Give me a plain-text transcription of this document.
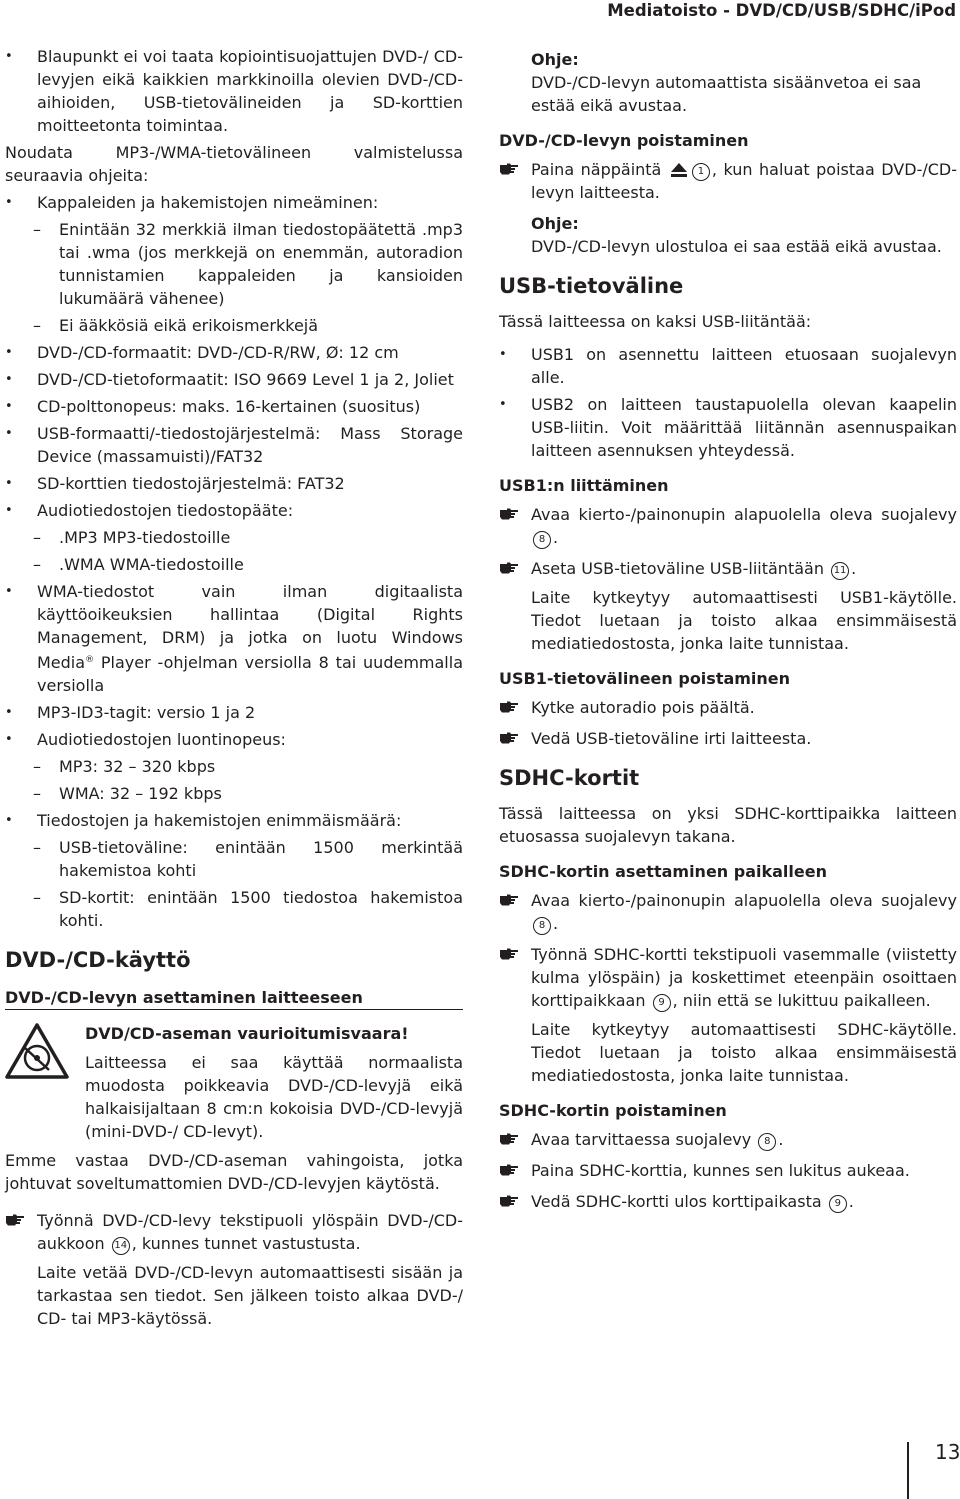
Mediatoisto - DVD/CD/USB/SDHC/iPod
• Blaupunkt ei voi taata kopiointisuojattujen DVD-/ CD-levyjen eikä kaikkien markkinoilla olevien DVD-/CD-aihioiden, USB-tietovälineiden ja SD-korttien moitteetonta toimintaa.

Noudata MP3-/WMA-tietovälineen valmistelussa seuraavia ohjeita:

• Kappaleiden ja hakemistojen nimeäminen:
– Enintään 32 merkkiä ilman tiedostopäätettä .mp3 tai .wma (jos merkkejä on enemmän, autoradion tunnistamien kappaleiden ja kansioiden lukumäärä vähenee)
– Ei ääkkösiä eikä erikoismerkkejä
• DVD-/CD-formaatit: DVD-/CD-R/RW, Ø: 12 cm
• DVD-/CD-tietoformaatit: ISO 9669 Level 1 ja 2, Joliet
• CD-polttonopeus: maks. 16-kertainen (suositus)
• USB-formaatti/-tiedostojärjestelmä: Mass Storage Device (massamuisti)/FAT32
• SD-korttien tiedostojärjestelmä: FAT32
• Audiotiedostojen tiedostopääte:
– .MP3 MP3-tiedostoille
– .WMA WMA-tiedostoille
• WMA-tiedostot vain ilman digitaalista käyttöoikeuksien hallintaa (Digital Rights Management, DRM) ja jotka on luotu Windows Media® Player -ohjelman versiolla 8 tai uudemmalla versiolla
• MP3-ID3-tagit: versio 1 ja 2
• Audiotiedostojen luontinopeus:
– MP3: 32 – 320 kbps
– WMA: 32 – 192 kbps
• Tiedostojen ja hakemistojen enimmäismäärä:
– USB-tietoväline: enintään 1500 merkintää hakemistoa kohti
– SD-kortit: enintään 1500 tiedostoa hakemistoa kohti.
DVD-/CD-käyttö
DVD-/CD-levyn asettaminen laitteeseen
DVD/CD-aseman vaurioitumisvaara!

Laitteessa ei saa käyttää normaalista muodosta poikkeavia DVD-/CD-levyjä eikä halkaisijaltaan 8 cm:n kokoisia DVD-/CD-levyjä (mini-DVD-/ CD-levyt).

Emme vastaa DVD-/CD-aseman vahingoista, jotka johtuvat soveltumattomien DVD-/CD-levyjen käytöstä.

Työnnä DVD-/CD-levy tekstipuoli ylöspäin DVD-/CD-aukkoon 14 , kunnes tunnet vastustusta.
Laite vetää DVD-/CD-levyn automaattisesti sisään ja tarkastaa sen tiedot. Sen jälkeen toisto alkaa DVD-/ CD- tai MP3-käytössä.
Ohje:
DVD-/CD-levyn automaattista sisäänvetoa ei saa estää eikä avustaa.
DVD-/CD-levyn poistaminen
Paina näppäintä	1 , kun haluat poistaa DVD-/CD-levyn laitteesta.
Ohje:
DVD-/CD-levyn ulostuloa ei saa estää eikä avustaa.
USB-tietoväline

Tässä laitteessa on kaksi USB-liitäntää:

• USB1 on asennettu laitteen etuosaan suojalevyn alle.
• USB2 on laitteen taustapuolella olevan kaapelin USB-liitin. Voit määrittää liitännän asennuspaikan laitteen asennuksen yhteydessä.
USB1:n liittäminen
Avaa kierto-/painonupin alapuolella oleva suojalevy 8 .
Aseta USB-tietoväline USB-liitäntään 11 .
Laite kytkeytyy automaattisesti USB1-käytölle. Tiedot luetaan ja toisto alkaa ensimmäisestä mediatiedostosta, jonka laite tunnistaa.
USB1-tietovälineen poistaminen
Kytke autoradio pois päältä.
Vedä USB-tietoväline irti laitteesta.
SDHC-kortit

Tässä laitteessa on yksi SDHC-korttipaikka laitteen etuosassa suojalevyn takana.

SDHC-kortin asettaminen paikalleen
Avaa kierto-/painonupin alapuolella oleva suojalevy 8 .
Työnnä SDHC-kortti tekstipuoli vasemmalle (viistetty kulma ylöspäin) ja koskettimet eteenpäin osoittaen korttipaikkaan 9 , niin että se lukittuu paikalleen.
Laite kytkeytyy automaattisesti SDHC-käytölle. Tiedot luetaan ja toisto alkaa ensimmäisestä mediatiedostosta, jonka laite tunnistaa.
SDHC-kortin poistaminen
Avaa tarvittaessa suojalevy 8 .
Paina SDHC-korttia, kunnes sen lukitus aukeaa.
Vedä SDHC-kortti ulos korttipaikasta 9 .
13
